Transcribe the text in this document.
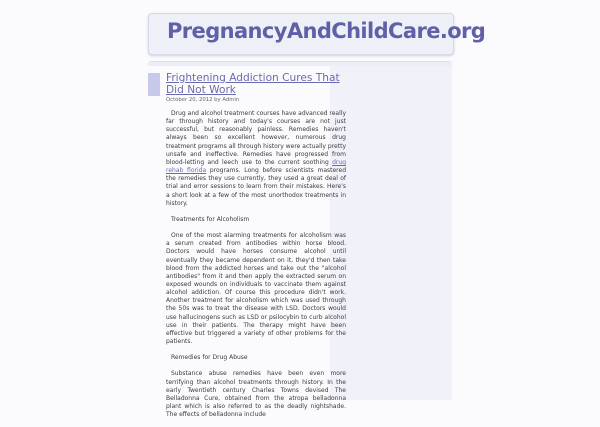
PregnancyAndChildCare.org
Frightening Addiction Cures That Did Not Work
October 20, 2012 by Admin

Drug and alcohol treatment courses have advanced really far through history and today's courses are not just successful, but reasonably painless. Remedies haven't always been so excellent however, numerous drug treatment programs all through history were actually pretty unsafe and ineffective. Remedies have progressed from blood-letting and leech use to the current soothing drug rehab florida programs. Long before scientists mastered the remedies they use currently, they used a great deal of trial and error sessions to learn from their mistakes. Here's a short look at a few of the most unorthodox treatments in history.

Treatments for Alcoholism

One of the most alarming treatments for alcoholism was a serum created from antibodies within horse blood. Doctors would have horses consume alcohol until eventually they became dependent on it, they'd then take blood from the addicted horses and take out the "alcohol antibodies" from it and then apply the extracted serum on exposed wounds on individuals to vaccinate them against alcohol addiction. Of course this procedure didn't work. Another treatment for alcoholism which was used through the 50s was to treat the disease with LSD. Doctors would use hallucinogens such as LSD or psilocybin to curb alcohol use in their patients. The therapy might have been effective but triggered a variety of other problems for the patients.

Remedies for Drug Abuse

Substance abuse remedies have been even more terrifying than alcohol treatments through history. In the early Twentieth century Charles Towns devised The Belladonna Cure, obtained from the atropa belladonna plant which is also referred to as the deadly nightshade. The effects of belladonna include
